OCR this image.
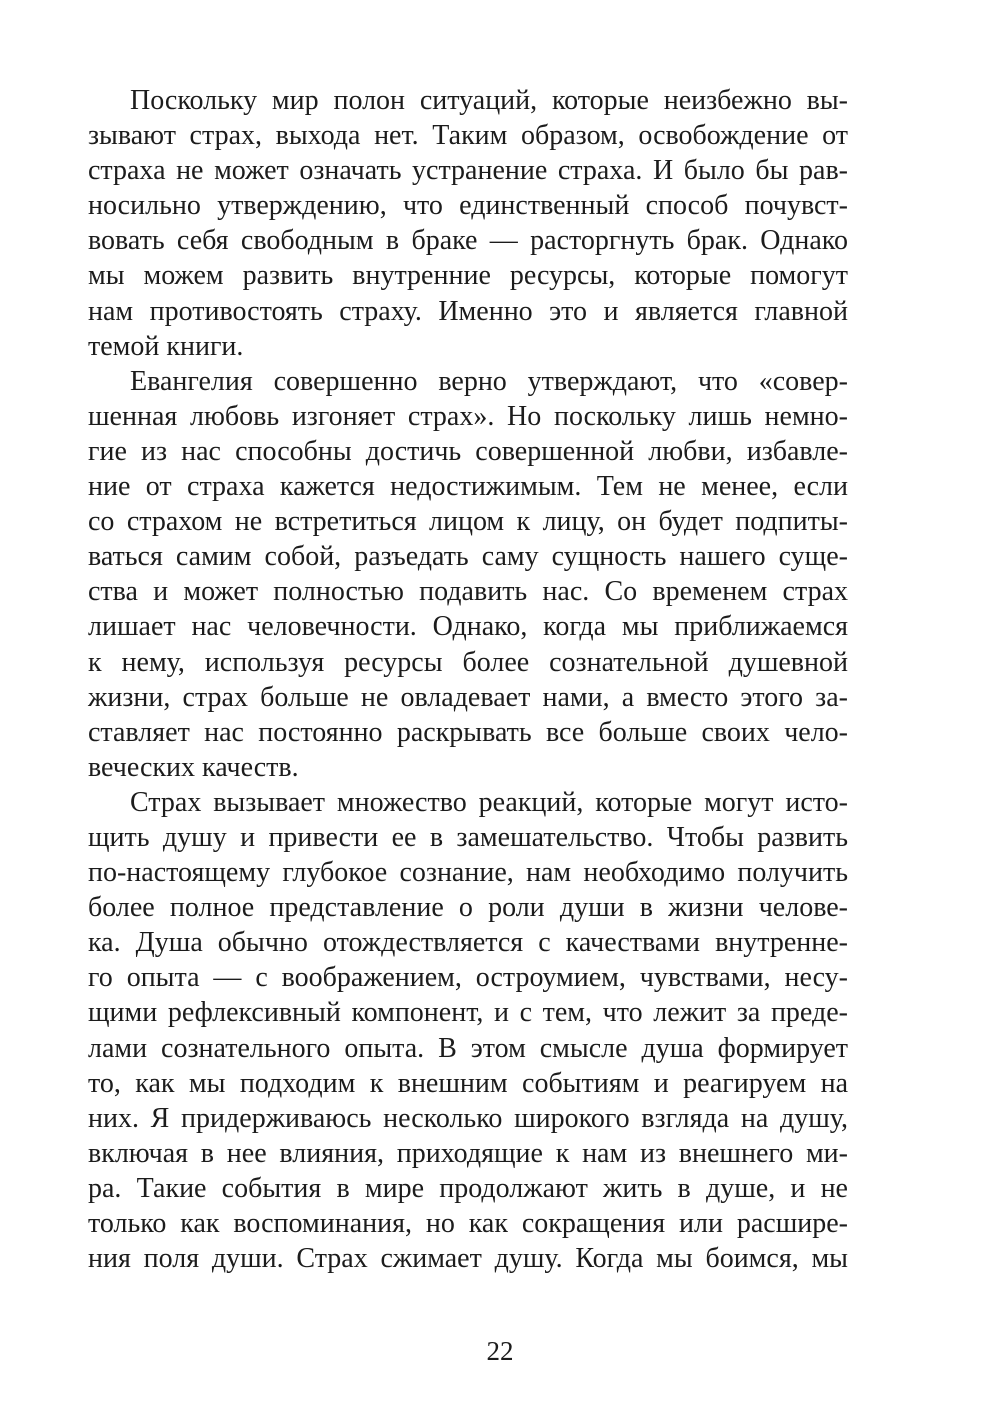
Поскольку мир полон ситуаций, которые неизбежно вы-
зывают страх, выхода нет. Таким образом, освобождение от
страха не может означать устранение страха. И было бы рав-
носильно утверждению, что единственный способ почувст-
вовать себя свободным в браке — расторгнуть брак. Однако
мы можем развить внутренние ресурсы, которые помогут
нам противостоять страху. Именно это и является главной
темой книги.
Евангелия совершенно верно утверждают, что «совер-
шенная любовь изгоняет страх». Но поскольку лишь немно-
гие из нас способны достичь совершенной любви, избавле-
ние от страха кажется недостижимым. Тем не менее, если
со страхом не встретиться лицом к лицу, он будет подпиты-
ваться самим собой, разъедать саму сущность нашего суще-
ства и может полностью подавить нас. Со временем страх
лишает нас человечности. Однако, когда мы приближаемся
к нему, используя ресурсы более сознательной душевной
жизни, страх больше не овладевает нами, а вместо этого за-
ставляет нас постоянно раскрывать все больше своих чело-
веческих качеств.
Страх вызывает множество реакций, которые могут исто-
щить душу и привести ее в замешательство. Чтобы развить
по-настоящему глубокое сознание, нам необходимо получить
более полное представление о роли души в жизни челове-
ка. Душа обычно отождествляется с качествами внутренне-
го опыта — с воображением, остроумием, чувствами, несу-
щими рефлексивный компонент, и с тем, что лежит за преде-
лами сознательного опыта. В этом смысле душа формирует
то, как мы подходим к внешним событиям и реагируем на
них. Я придерживаюсь несколько широкого взгляда на душу,
включая в нее влияния, приходящие к нам из внешнего ми-
ра. Такие события в мире продолжают жить в душе, и не
только как воспоминания, но как сокращения или расшире-
ния поля души. Страх сжимает душу. Когда мы боимся, мы
22
